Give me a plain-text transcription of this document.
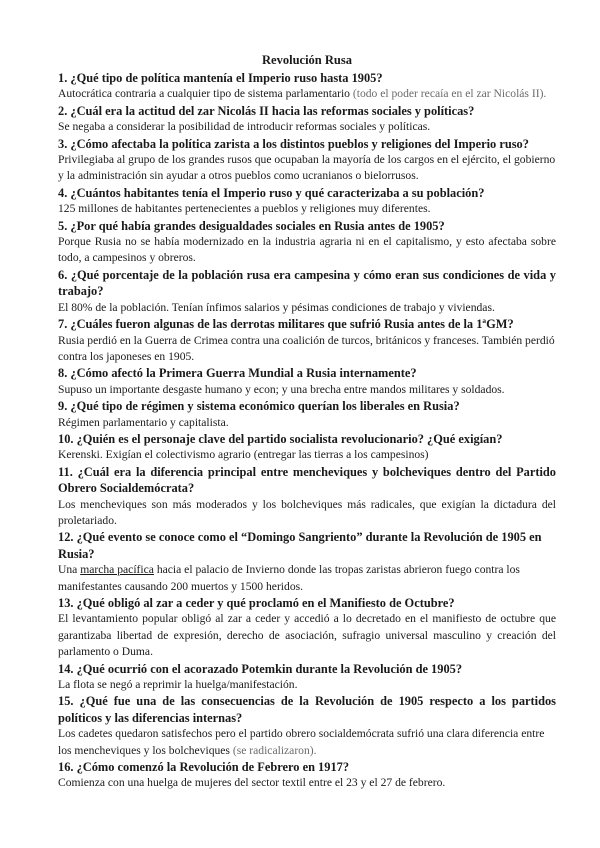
Revolución Rusa

1. ¿Qué tipo de política mantenía el Imperio ruso hasta 1905?

Autocrática contraria a cualquier tipo de sistema parlamentario (todo el poder recaía en el zar Nicolás II).

2. ¿Cuál era la actitud del zar Nicolás II hacia las reformas sociales y políticas?

Se negaba a considerar la posibilidad de introducir reformas sociales y políticas.

3. ¿Cómo afectaba la política zarista a los distintos pueblos y religiones del Imperio ruso?

Privilegiaba al grupo de los grandes rusos que ocupaban la mayoría de los cargos en el ejército, el gobierno y la administración sin ayudar a otros pueblos como ucranianos o bielorrusos.

4. ¿Cuántos habitantes tenía el Imperio ruso y qué caracterizaba a su población?

125 millones de habitantes pertenecientes a pueblos y religiones muy diferentes.

5. ¿Por qué había grandes desigualdades sociales en Rusia antes de 1905?

Porque Rusia no se había modernizado en la industria agraria ni en el capitalismo, y esto afectaba sobre todo, a campesinos y obreros.

6. ¿Qué porcentaje de la población rusa era campesina y cómo eran sus condiciones de vida y trabajo?

El 80% de la población. Tenían ínfimos salarios y pésimas condiciones de trabajo y viviendas.

7. ¿Cuáles fueron algunas de las derrotas militares que sufrió Rusia antes de la 1ªGM?

Rusia perdió en la Guerra de Crimea contra una coalición de turcos, británicos y franceses. También perdió contra los japoneses en 1905.

8. ¿Cómo afectó la Primera Guerra Mundial a Rusia internamente?

Supuso un importante desgaste humano y econ; y una brecha entre mandos militares y soldados.

9. ¿Qué tipo de régimen y sistema económico querían los liberales en Rusia?

Régimen parlamentario y capitalista.

10. ¿Quién es el personaje clave del partido socialista revolucionario? ¿Qué exigían?

Kerenski. Exigían el colectivismo agrario (entregar las tierras a los campesinos)

11. ¿Cuál era la diferencia principal entre mencheviques y bolcheviques dentro del Partido Obrero Socialdemócrata?

Los mencheviques son más moderados y los bolcheviques más radicales, que exigían la dictadura del proletariado.

12. ¿Qué evento se conoce como el “Domingo Sangriento” durante la Revolución de 1905 en Rusia?

Una marcha pacífica hacia el palacio de Invierno donde las tropas zaristas abrieron fuego contra los manifestantes causando 200 muertos y 1500 heridos.

13. ¿Qué obligó al zar a ceder y qué proclamó en el Manifiesto de Octubre?

El levantamiento popular obligó al zar a ceder y accedió a lo decretado en el manifiesto de octubre que garantizaba libertad de expresión, derecho de asociación, sufragio universal masculino y creación del parlamento o Duma.

14. ¿Qué ocurrió con el acorazado Potemkin durante la Revolución de 1905?

La flota se negó a reprimir la huelga/manifestación.

15. ¿Qué fue una de las consecuencias de la Revolución de 1905 respecto a los partidos políticos y las diferencias internas?

Los cadetes quedaron satisfechos pero el partido obrero socialdemócrata sufrió una clara diferencia entre los mencheviques y los bolcheviques (se radicalizaron).

16. ¿Cómo comenzó la Revolución de Febrero en 1917?

Comienza con una huelga de mujeres del sector textil entre el 23 y el 27 de febrero.
